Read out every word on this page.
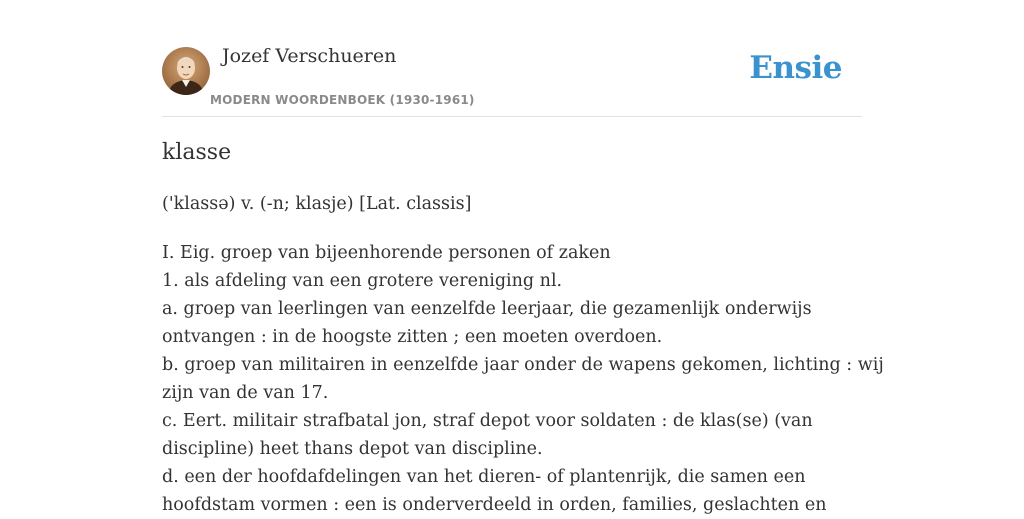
Jozef Verschueren
MODERN WOORDENBOEK (1930-1961)
Ensie
klasse
('klassə) v. (-n; klasje) [Lat. classis]
I. Eig. groep van bijeenhorende personen of zaken
1. als afdeling van een grotere vereniging nl.
a. groep van leerlingen van eenzelfde leerjaar, die gezamenlijk onderwijs
ontvangen : in de hoogste zitten ; een moeten overdoen.
b. groep van militairen in eenzelfde jaar onder de wapens gekomen, lichting : wij
zijn van de van 17.
c. Eert. militair strafbatal jon, straf depot voor soldaten : de klas(se) (van
discipline) heet thans depot van discipline.
d. een der hoofdafdelingen van het dieren- of plantenrijk, die samen een
hoofdstam vormen : een is onderverdeeld in orden, families, geslachten en
